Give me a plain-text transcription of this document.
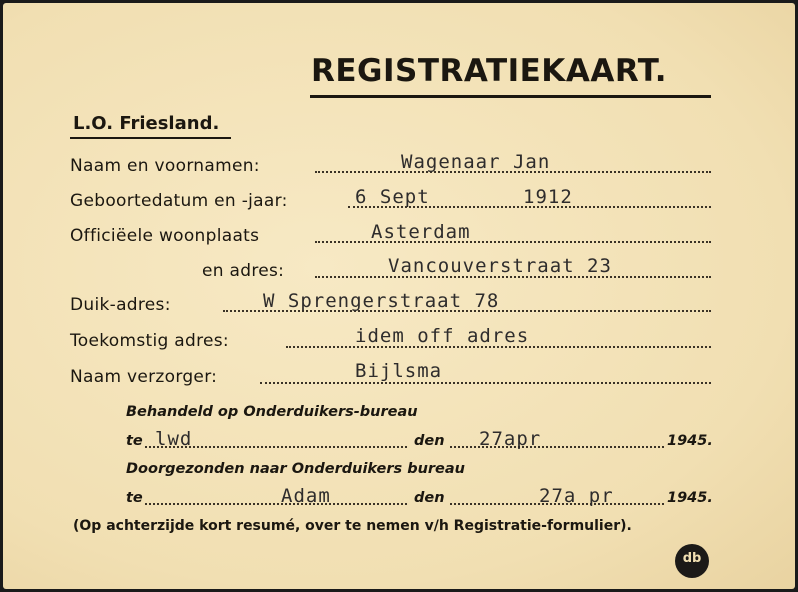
REGISTRATIEKAART.
L.O. Friesland.
Naam en voornamen:	Wagenaar Jan
Geboortedatum en -jaar:	6 Sept	1912
Officiëele woonplaats	Asterdam
en adres:	Vancouverstraat 23
Duik-adres:	W Sprengerstraat 78
Toekomstig adres:	idem off adres
Naam verzorger:	Bijlsma
Behandeld op Onderduikers-bureau
te lwd	den 27apr	1945.
Doorgezonden naar Onderduikers bureau
te	Adam	den	27a pr	1945.
(Op achterzijde kort resumé, over te nemen v/h Registratie-formulier).
db
